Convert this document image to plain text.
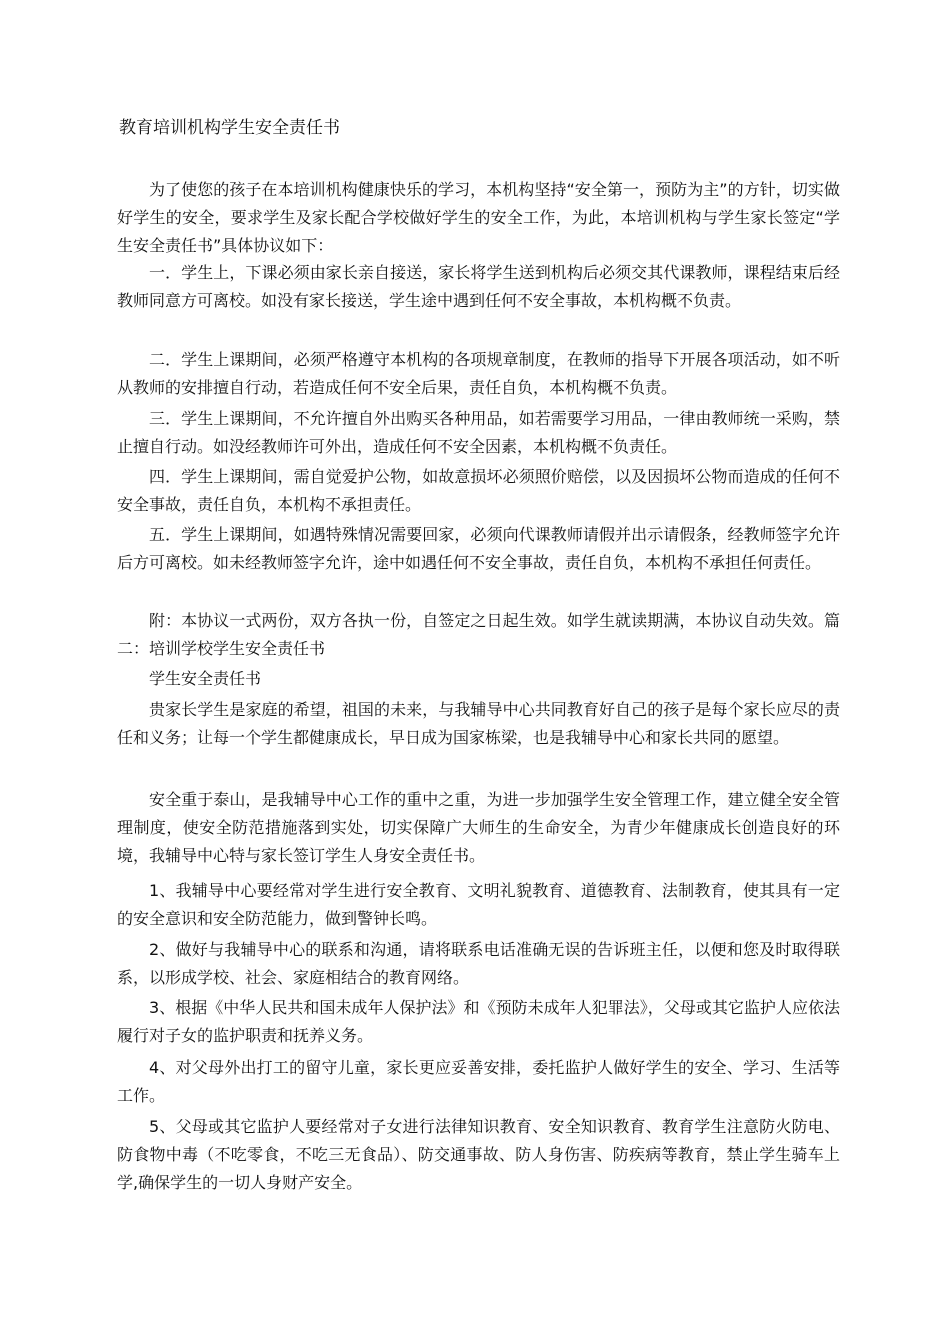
教育培训机构学生安全责任书
为了使您的孩子在本培训机构健康快乐的学习，本机构坚持“安全第一，预防为主”的方针，切实做好学生的安全，要求学生及家长配合学校做好学生的安全工作，为此，本培训机构与学生家长签定“学生安全责任书”具体协议如下：
一．学生上，下课必须由家长亲自接送，家长将学生送到机构后必须交其代课教师，课程结束后经教师同意方可离校。如没有家长接送，学生途中遇到任何不安全事故，本机构概不负责。
二．学生上课期间，必须严格遵守本机构的各项规章制度，在教师的指导下开展各项活动，如不听从教师的安排擅自行动，若造成任何不安全后果，责任自负，本机构概不负责。
三．学生上课期间，不允许擅自外出购买各种用品，如若需要学习用品，一律由教师统一采购，禁止擅自行动。如没经教师许可外出，造成任何不安全因素，本机构概不负责任。
四．学生上课期间，需自觉爱护公物，如故意损坏必须照价赔偿，以及因损坏公物而造成的任何不安全事故，责任自负，本机构不承担责任。
五．学生上课期间，如遇特殊情况需要回家，必须向代课教师请假并出示请假条，经教师签字允许后方可离校。如未经教师签字允许，途中如遇任何不安全事故，责任自负，本机构不承担任何责任。
附：本协议一式两份，双方各执一份，自签定之日起生效。如学生就读期满，本协议自动失效。篇二：培训学校学生安全责任书
学生安全责任书
贵家长学生是家庭的希望，祖国的未来，与我辅导中心共同教育好自己的孩子是每个家长应尽的责任和义务；让每一个学生都健康成长，早日成为国家栋梁，也是我辅导中心和家长共同的愿望。
安全重于泰山，是我辅导中心工作的重中之重，为进一步加强学生安全管理工作，建立健全安全管理制度，使安全防范措施落到实处，切实保障广大师生的生命安全，为青少年健康成长创造良好的环境，我辅导中心特与家长签订学生人身安全责任书。
1、我辅导中心要经常对学生进行安全教育、文明礼貌教育、道德教育、法制教育，使其具有一定的安全意识和安全防范能力，做到警钟长鸣。
2、做好与我辅导中心的联系和沟通，请将联系电话准确无误的告诉班主任，以便和您及时取得联系，以形成学校、社会、家庭相结合的教育网络。
3、根据《中华人民共和国未成年人保护法》和《预防未成年人犯罪法》，父母或其它监护人应依法履行对子女的监护职责和抚养义务。
4、对父母外出打工的留守儿童，家长更应妥善安排，委托监护人做好学生的安全、学习、生活等工作。
5、父母或其它监护人要经常对子女进行法律知识教育、安全知识教育、教育学生注意防火防电、防食物中毒（不吃零食，不吃三无食品）、防交通事故、防人身伤害、防疾病等教育，禁止学生骑车上学,确保学生的一切人身财产安全。
